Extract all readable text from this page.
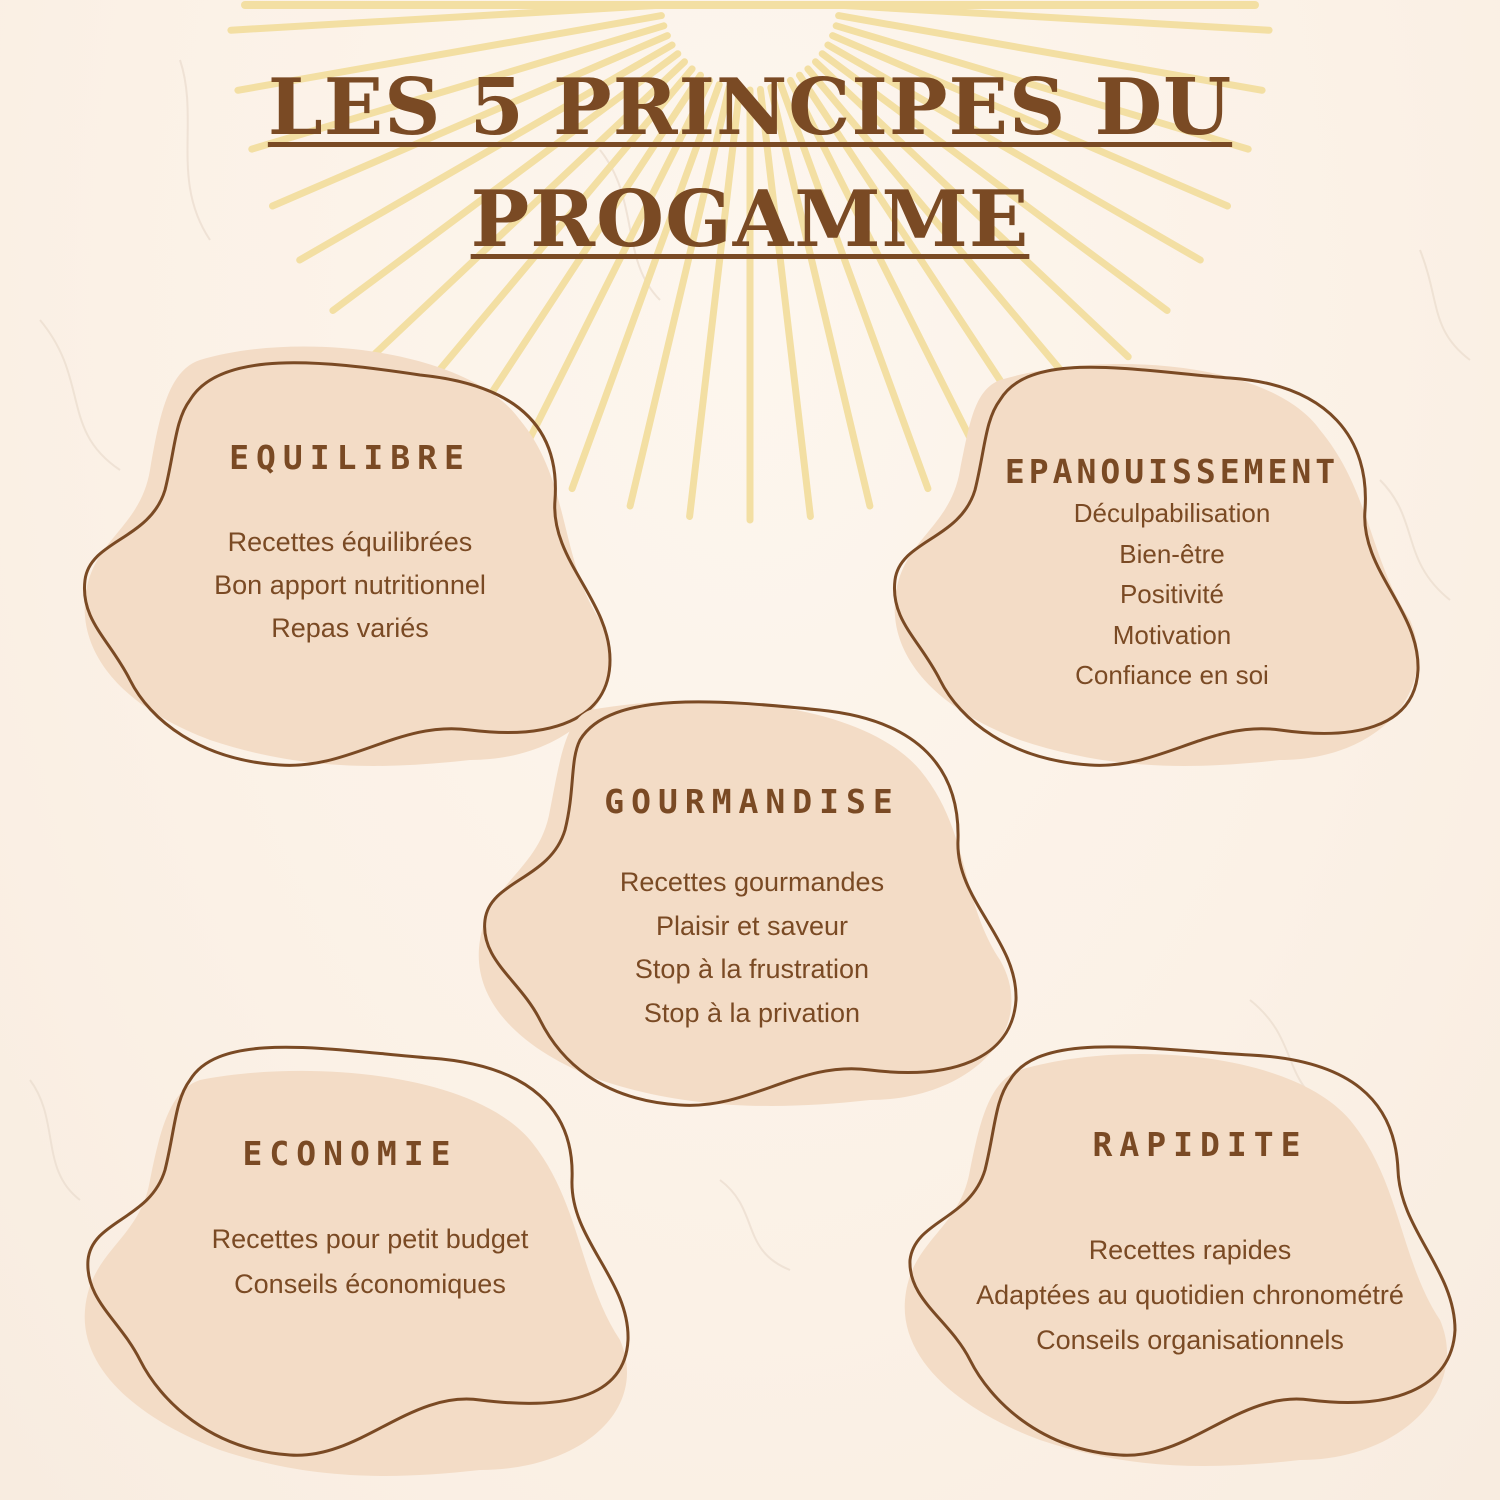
LES 5 PRINCIPES DU
PROGAMME
EQUILIBRE
Recettes équilibrées
Bon apport nutritionnel
Repas variés
EPANOUISSEMENT
Déculpabilisation
Bien-être
Positivité
Motivation
Confiance en soi
GOURMANDISE
Recettes gourmandes
Plaisir et saveur
Stop à la frustration
Stop à la privation
ECONOMIE
Recettes pour petit budget
Conseils économiques
RAPIDITE
Recettes rapides
Adaptées au quotidien chronométré
Conseils organisationnels
